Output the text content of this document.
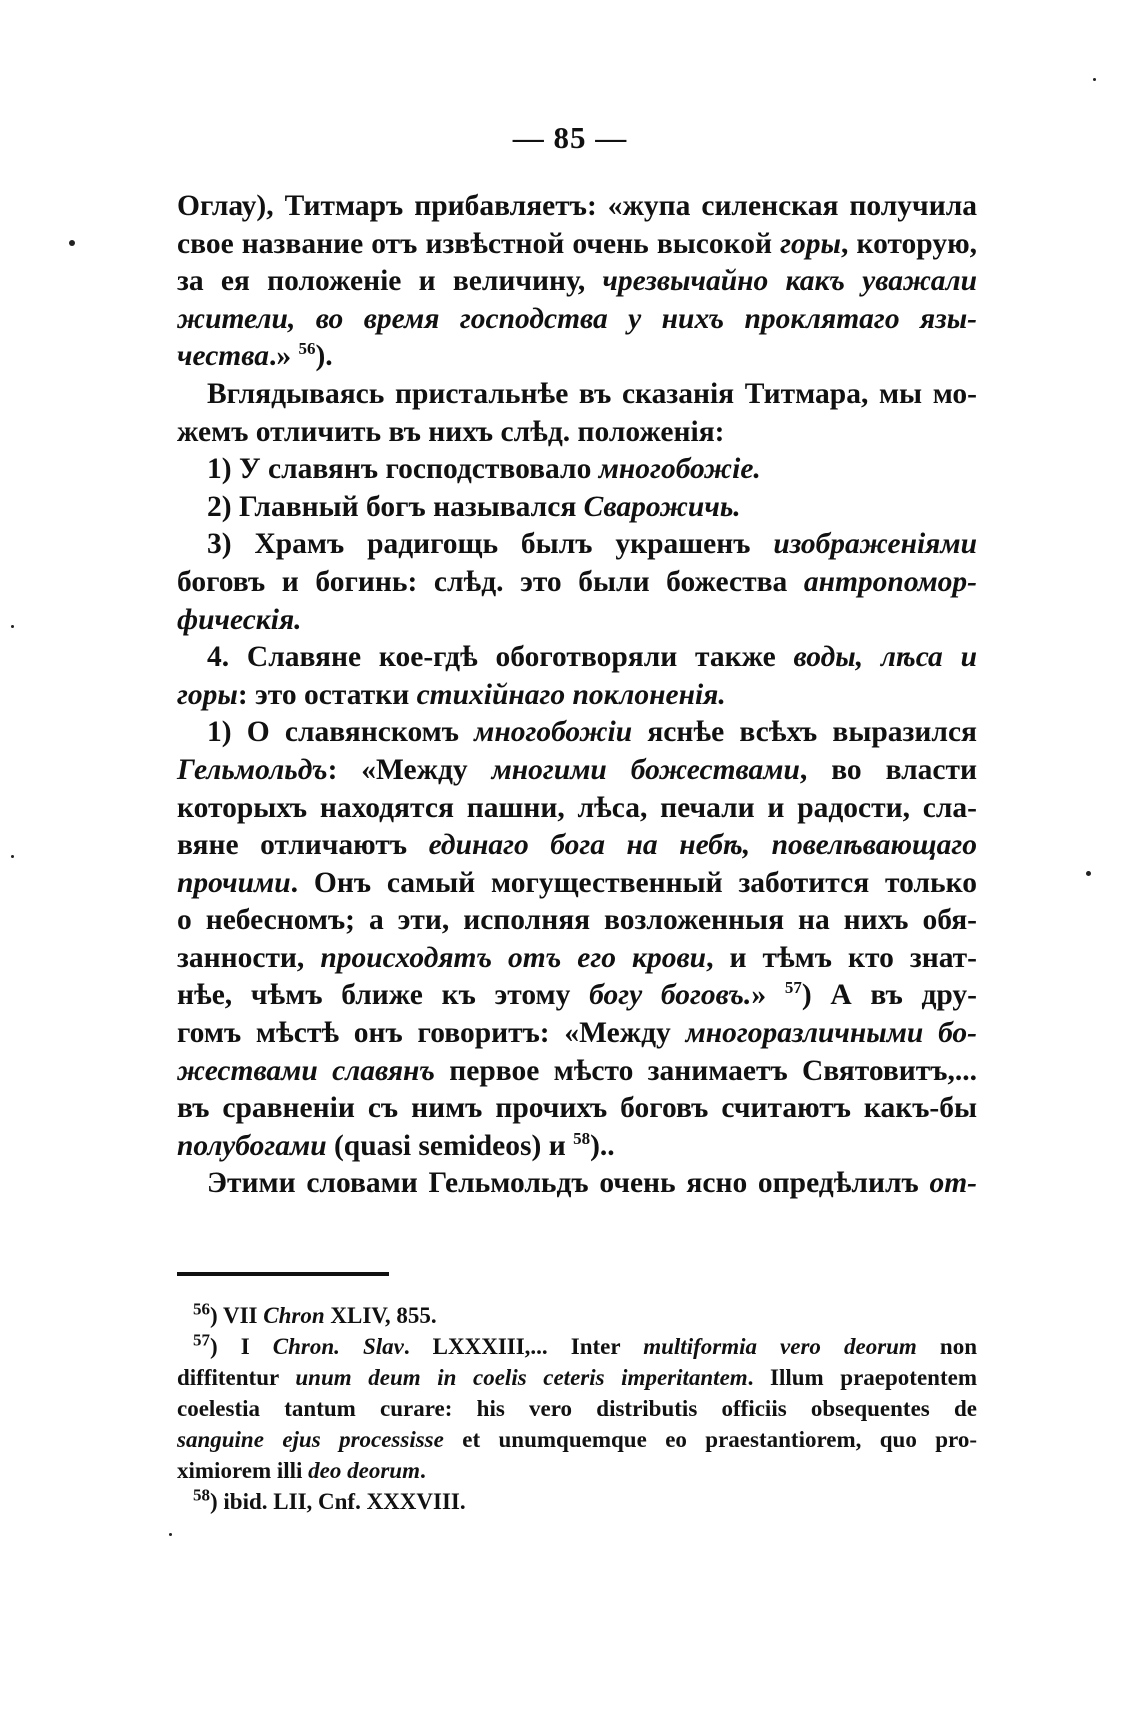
— 85 —
Оглау), Титмаръ прибавляетъ: «жупа силенская получила
свое название отъ извѣстной очень высокой горы, которую,
за ея положеніе и величину, чрезвычайно какъ уважали
жители, во время господства у нихъ проклятаго язы-
чества.» $^{56}$).
Вглядываясь пристальнѣе въ сказанія Титмара, мы мо-
жемъ отличить въ нихъ слѣд. положенія:
1) У славянъ господствовало многобожіе.
2) Главный богъ назывался Сварожичь.
3) Храмъ радигощь былъ украшенъ изображеніями
боговъ и богинь: слѣд. это были божества антропомор-
фическія.
4. Славяне кое-гдѣ обоготворяли также воды, лѣса и
горы: это остатки стихійнаго поклоненія.
1) О славянскомъ многобожіи яснѣе всѣхъ выразился
Гельмольдъ: «Между многими божествами, во власти
которыхъ находятся пашни, лѣса, печали и радости, сла-
вяне отличаютъ единаго бога на небѣ, повелѣвающаго
прочими. Онъ самый могущественный заботится только
о небесномъ; а эти, исполняя возложенныя на нихъ обя-
занности, происходятъ отъ его крови, и тѣмъ кто знат-
нѣе, чѣмъ ближе къ этому богу боговъ.» $^{57}$) А въ дру-
гомъ мѣстѣ онъ говоритъ: «Между многоразличными бо-
жествами славянъ первое мѣсто занимаетъ Святовитъ,...
въ сравненіи съ нимъ прочихъ боговъ считаютъ какъ-бы
полубогами (quasi semideos) и $^{58}$)..
Этими словами Гельмольдъ очень ясно опредѣлилъ от-
$^{56}$) VII Chron XLIV, 855.
$^{57}$) I Chron. Slav. LXXXIII,... Inter multiformia vero deorum non
diffitentur unum deum in coelis ceteris imperitantem. Illum praepotentem
coelestia tantum curare: his vero distributis officiis obsequentes de
sanguine ejus processisse et unumquemque eo praestantiorem, quo pro-
ximiorem illi deo deorum.
$^{58}$) ibid. LII, Cnf. XXXVIII.
